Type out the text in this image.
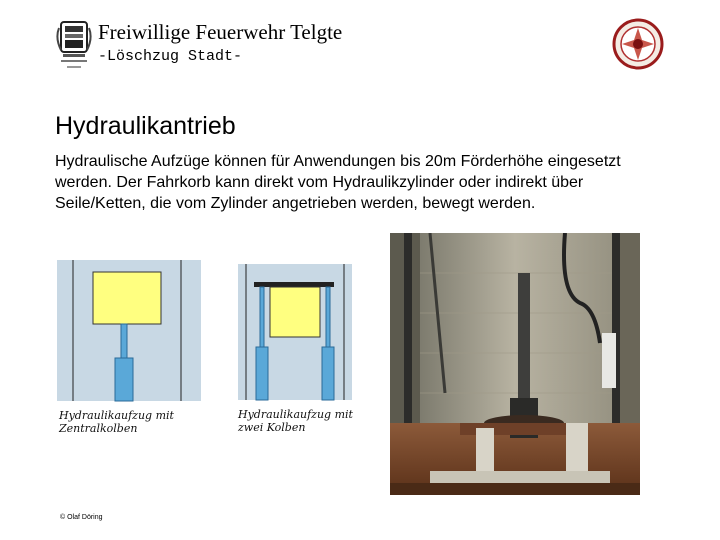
Freiwillige Feuerwehr Telgte
-Löschzug Stadt-
Hydraulikantrieb
Hydraulische Aufzüge können für Anwendungen bis 20m Förderhöhe eingesetzt werden. Der Fahrkorb kann direkt vom Hydraulikzylinder oder indirekt über Seile/Ketten, die vom Zylinder angetrieben werden, bewegt werden.
Hydraulikaufzug mit
Zentralkolben
Hydraulikaufzug mit
zwei Kolben
© Olaf Döring
